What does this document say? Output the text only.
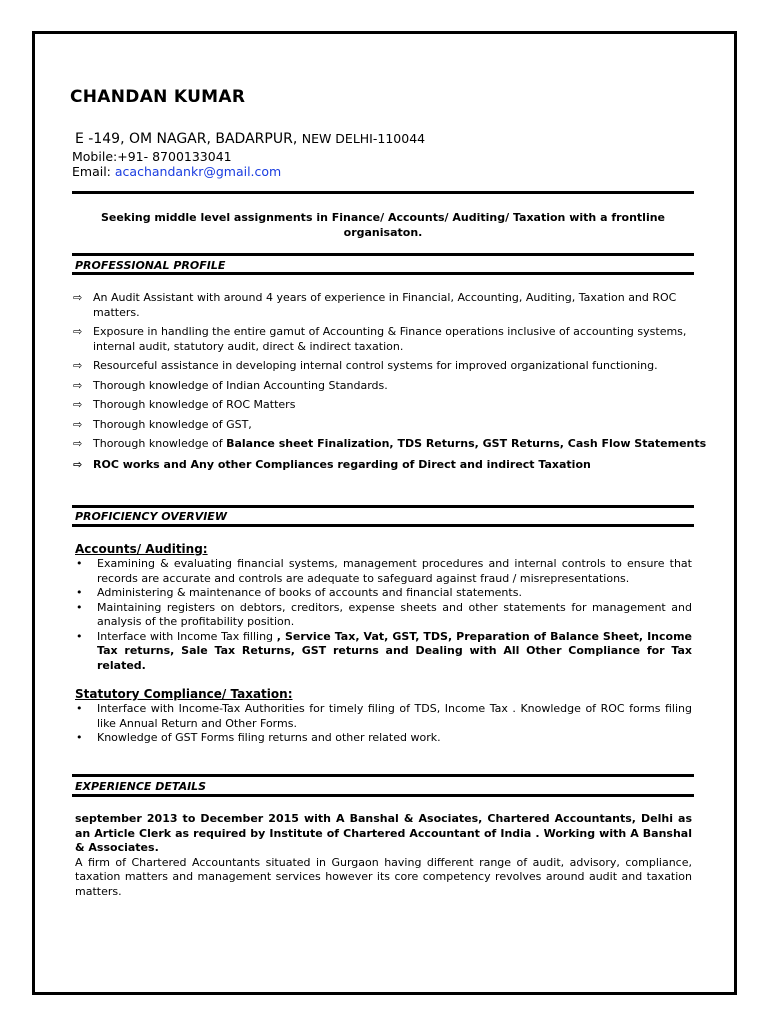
CHANDAN KUMAR
E -149, OM NAGAR, BADARPUR, NEW DELHI-110044
Mobile:+91- 8700133041
Email: acachandankr@gmail.com
Seeking middle level assignments in Finance/ Accounts/ Auditing/ Taxation with a frontline organisaton.
PROFESSIONAL PROFILE
⇨ An Audit Assistant with around 4 years of experience in Financial, Accounting, Auditing, Taxation and ROC matters.
⇨ Exposure in handling the entire gamut of Accounting & Finance operations inclusive of accounting systems, internal audit, statutory audit, direct & indirect taxation.
⇨ Resourceful assistance in developing internal control systems for improved organizational functioning.
⇨ Thorough knowledge of Indian Accounting Standards.
⇨ Thorough knowledge of ROC Matters
⇨ Thorough knowledge of GST,
⇨ Thorough knowledge of Balance sheet Finalization, TDS Returns, GST Returns, Cash Flow Statements
⇨ ROC works and Any other Compliances regarding of Direct and indirect Taxation
PROFICIENCY OVERVIEW
Accounts/ Auditing:
• Examining & evaluating financial systems, management procedures and internal controls to ensure that records are accurate and controls are adequate to safeguard against fraud / misrepresentations.
• Administering & maintenance of books of accounts and financial statements.
• Maintaining registers on debtors, creditors, expense sheets and other statements for management and analysis of the profitability position.
• Interface with Income Tax filling , Service Tax, Vat, GST, TDS, Preparation of Balance Sheet, Income Tax returns, Sale Tax Returns, GST returns and Dealing with All Other Compliance for Tax related.
Statutory Compliance/ Taxation:
• Interface with Income-Tax Authorities for timely filing of TDS, Income Tax . Knowledge of ROC forms filing like Annual Return and Other Forms.
• Knowledge of GST Forms filing returns and other related work.
EXPERIENCE DETAILS
september 2013 to December 2015 with A Banshal & Asociates, Chartered Accountants, Delhi as an Article Clerk as required by Institute of Chartered Accountant of India . Working with A Banshal & Associates.
A firm of Chartered Accountants situated in Gurgaon having different range of audit, advisory, compliance, taxation matters and management services however its core competency revolves around audit and taxation matters.
